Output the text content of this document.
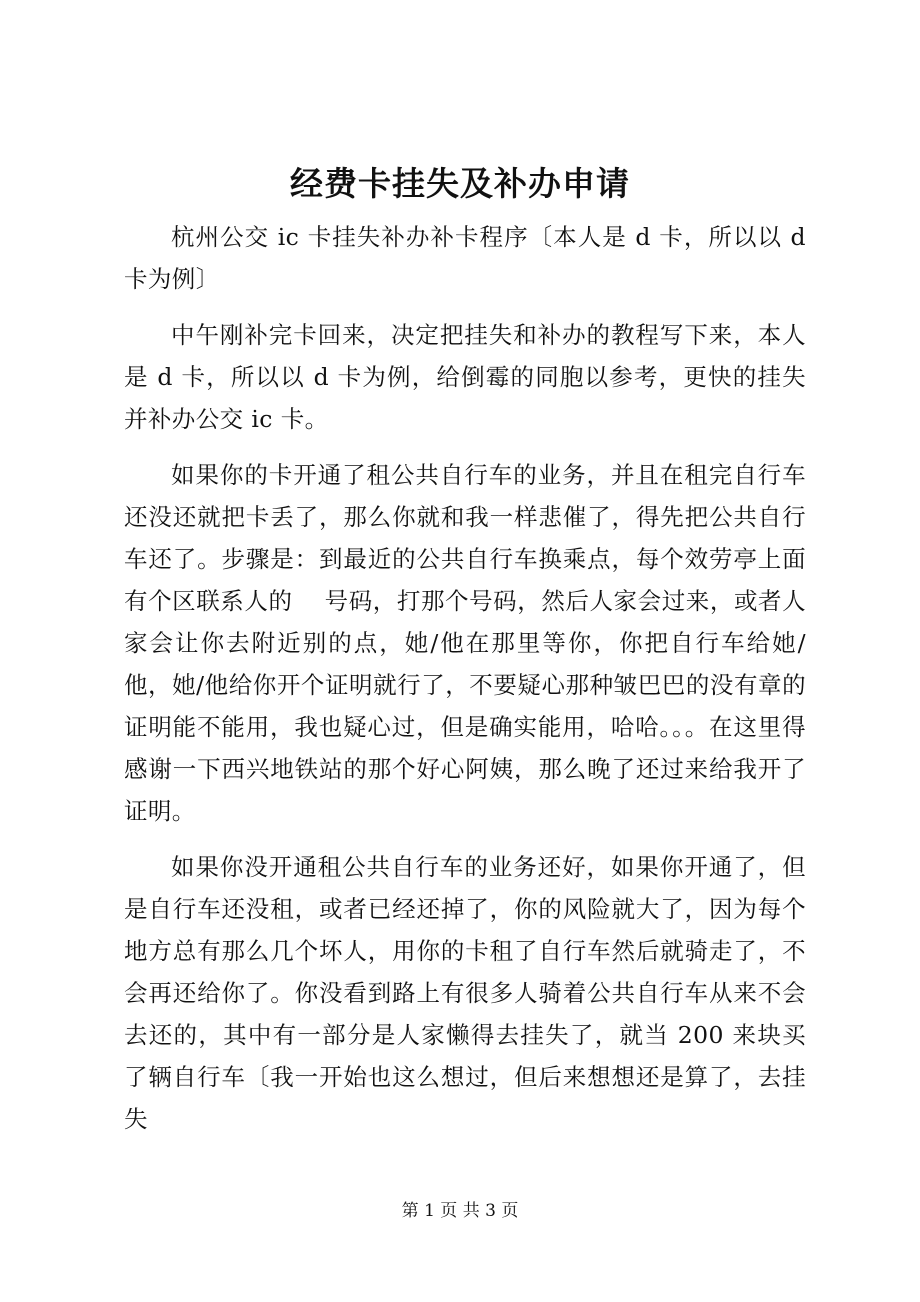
经费卡挂失及补办申请

杭州公交 ic 卡挂失补办补卡程序〔本人是 d 卡，所以以 d 卡为例〕

中午刚补完卡回来，决定把挂失和补办的教程写下来，本人是 d 卡，所以以 d 卡为例，给倒霉的同胞以参考，更快的挂失并补办公交 ic 卡。

如果你的卡开通了租公共自行车的业务，并且在租完自行车还没还就把卡丢了，那么你就和我一样悲催了，得先把公共自行车还了。步骤是：到最近的公共自行车换乘点，每个效劳亭上面有个区联系人的　 号码，打那个号码，然后人家会过来，或者人家会让你去附近别的点，她/他在那里等你，你把自行车给她/他，她/他给你开个证明就行了，不要疑心那种皱巴巴的没有章的证明能不能用，我也疑心过，但是确实能用，哈哈。。。在这里得感谢一下西兴地铁站的那个好心阿姨，那么晚了还过来给我开了证明。

如果你没开通租公共自行车的业务还好，如果你开通了，但是自行车还没租，或者已经还掉了，你的风险就大了，因为每个地方总有那么几个坏人，用你的卡租了自行车然后就骑走了，不会再还给你了。你没看到路上有很多人骑着公共自行车从来不会去还的，其中有一部分是人家懒得去挂失了，就当 200 来块买了辆自行车〔我一开始也这么想过，但后来想想还是算了，去挂失

第 1 页 共 3 页
